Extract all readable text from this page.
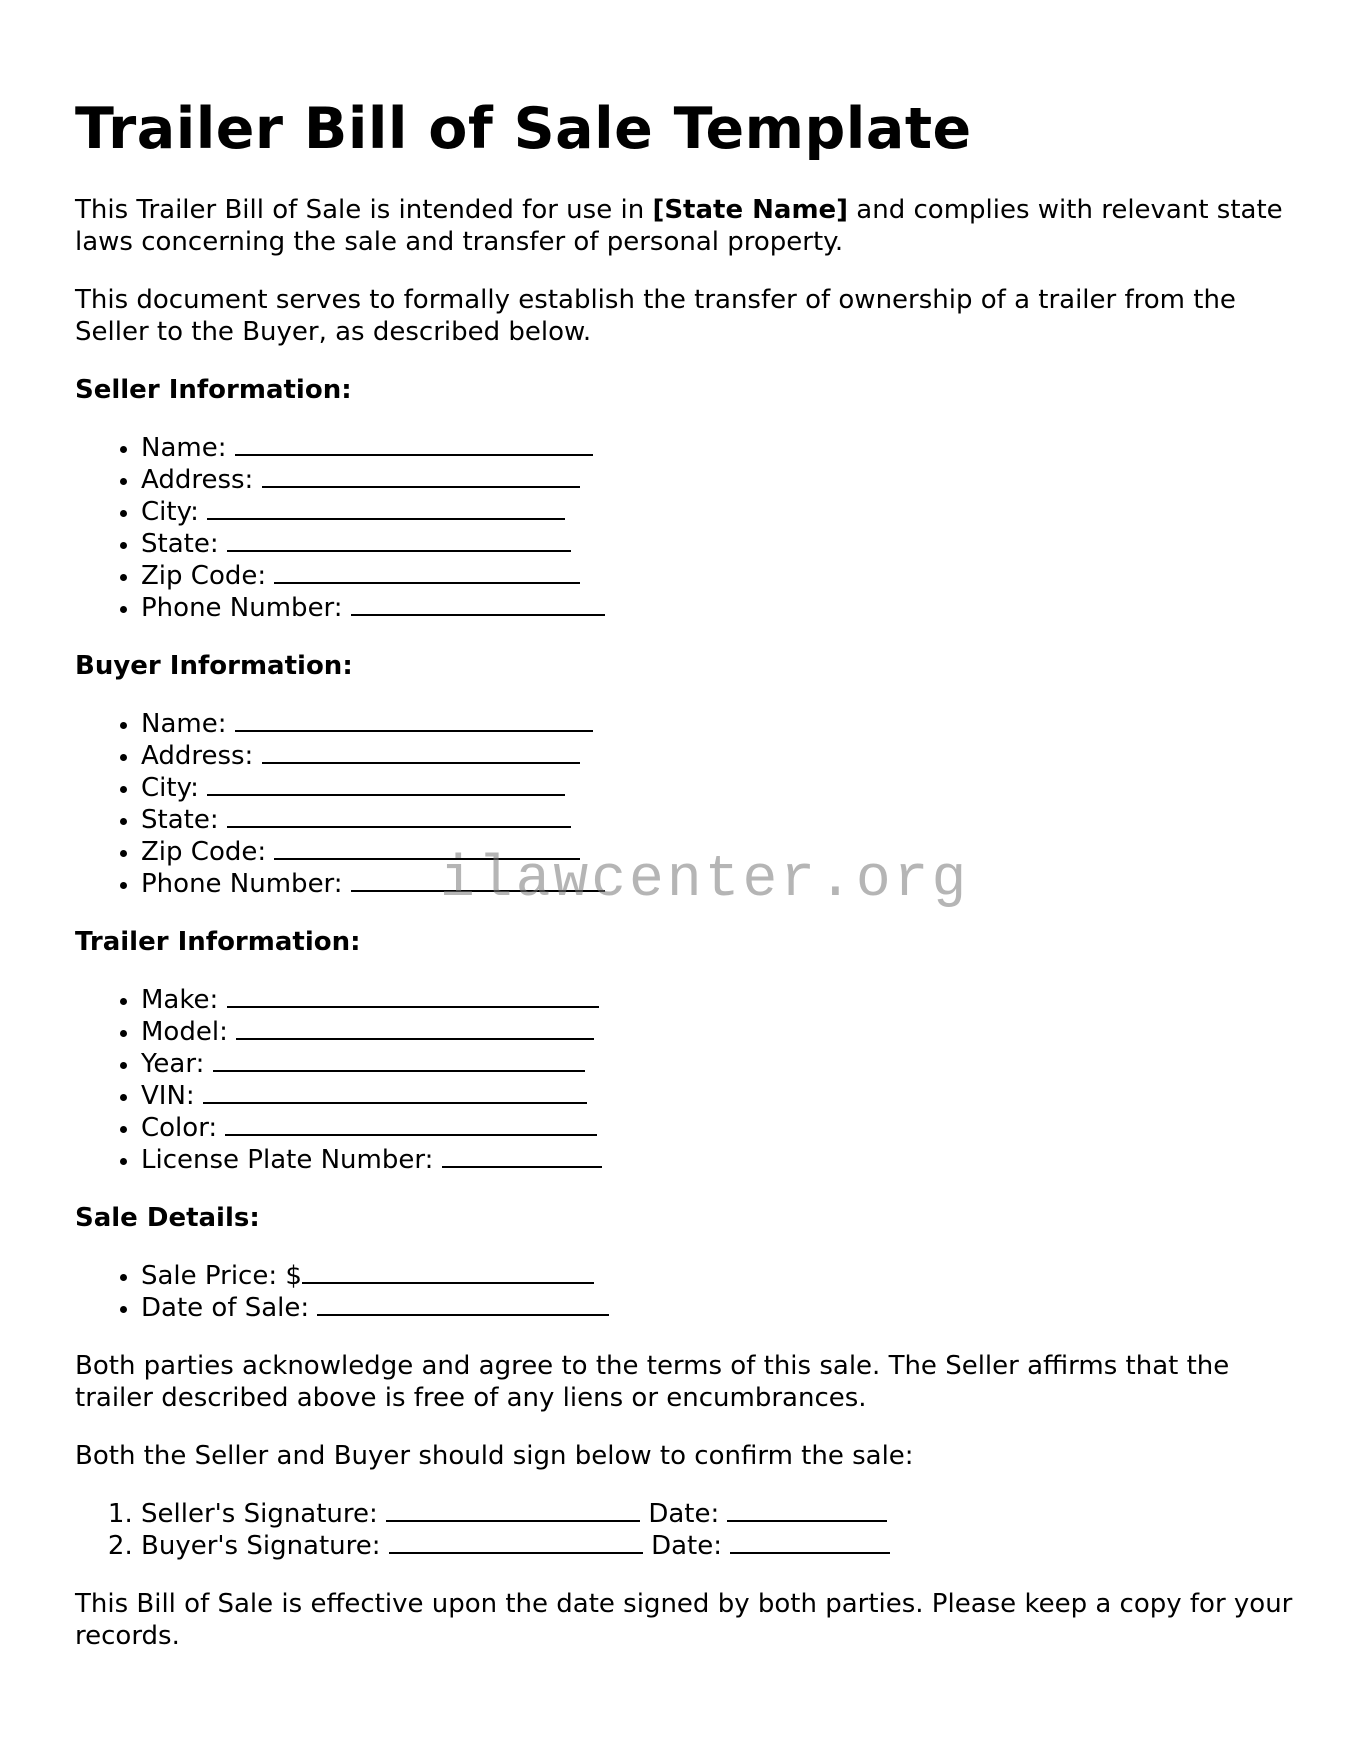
Trailer Bill of Sale Template

This Trailer Bill of Sale is intended for use in [State Name] and complies with relevant state laws concerning the sale and transfer of personal property.

This document serves to formally establish the transfer of ownership of a trailer from the Seller to the Buyer, as described below.

Seller Information:
• Name:
• Address:
• City:
• State:
• Zip Code:
• Phone Number:
Buyer Information:
• Name:
• Address:
• City:
• State:
• Zip Code:
• Phone Number:
Trailer Information:
• Make:
• Model:
• Year:
• VIN:
• Color:
• License Plate Number:
Sale Details:
• Sale Price: $
• Date of Sale:

Both parties acknowledge and agree to the terms of this sale. The Seller affirms that the trailer described above is free of any liens or encumbrances.

Both the Seller and Buyer should sign below to confirm the sale:

1. Seller's Signature:	Date:
2. Buyer's Signature:	Date:

This Bill of Sale is effective upon the date signed by both parties. Please keep a copy for your records.

ilawcenter.org
